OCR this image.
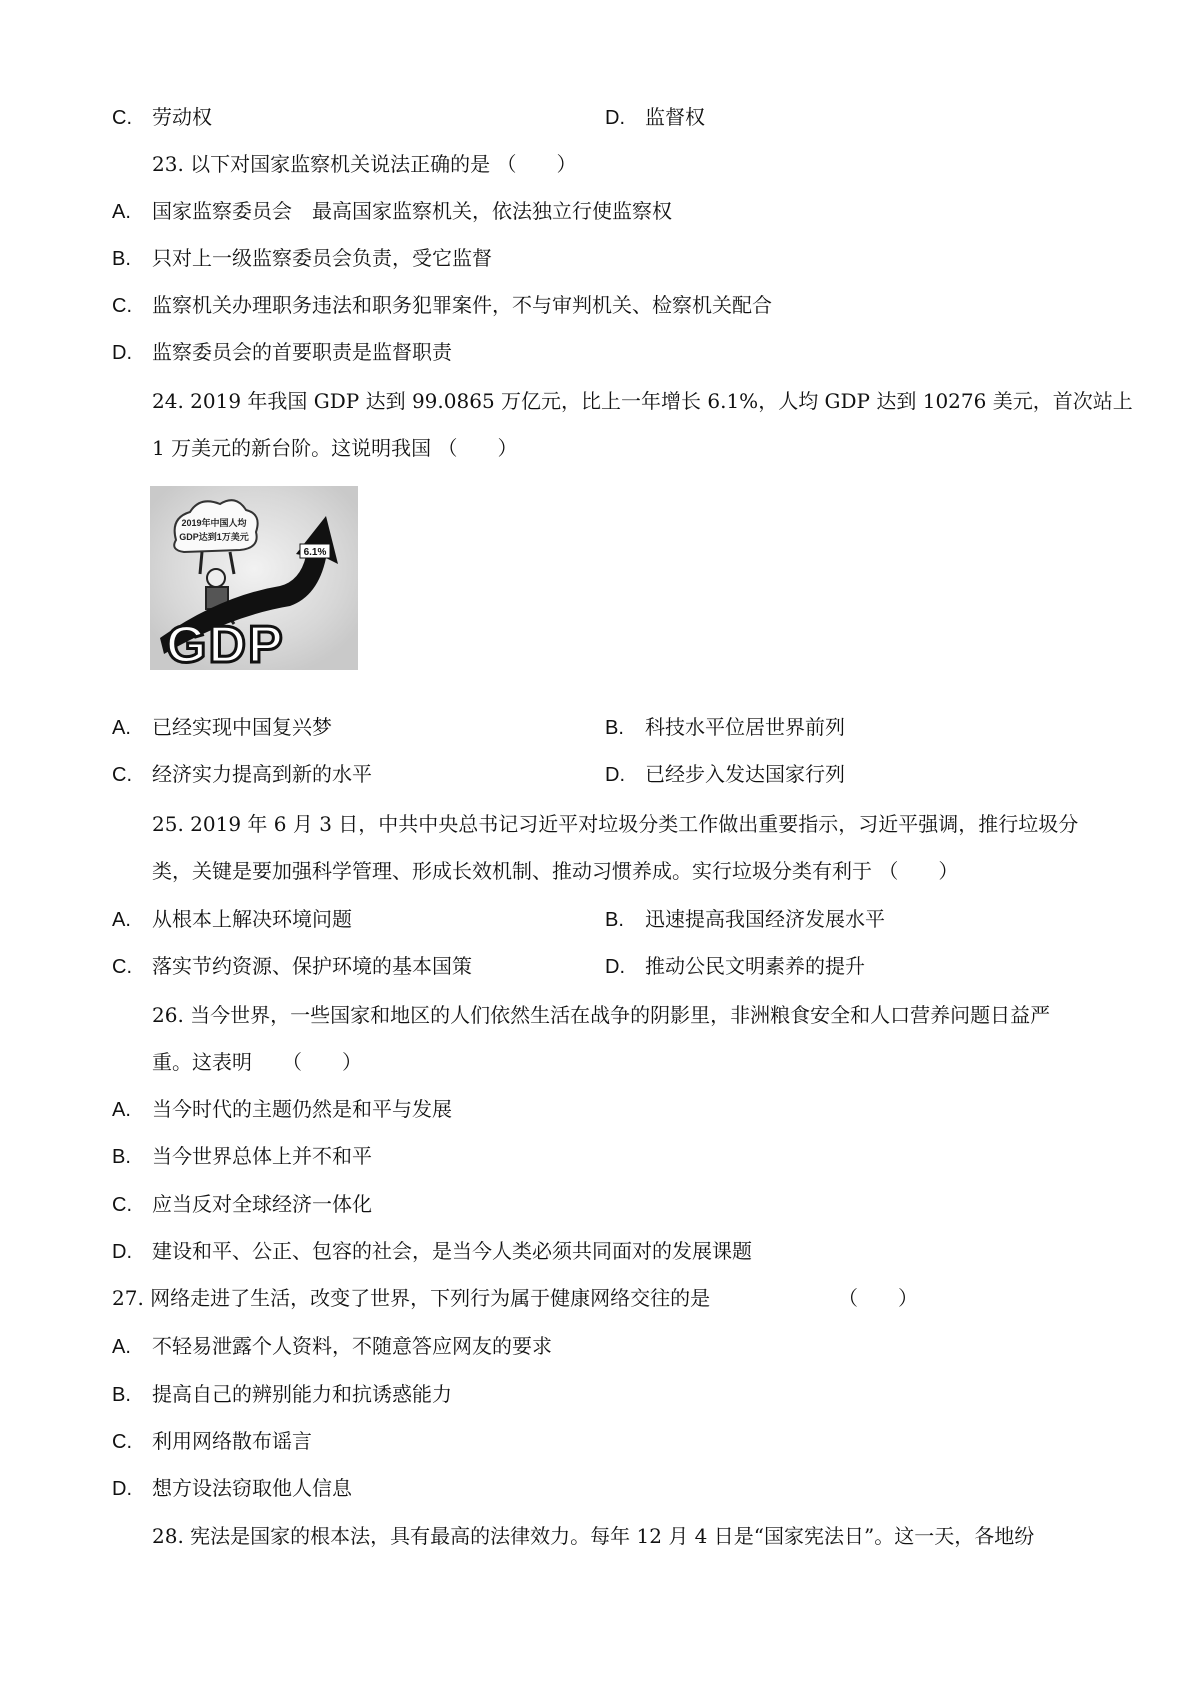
C. 劳动权	D. 监督权
23. 以下对国家监察机关说法正确的是 （　　）
A. 国家监察委员会　最高国家监察机关，依法独立行使监察权
B. 只对上一级监察委员会负责，受它监督
C. 监察机关办理职务违法和职务犯罪案件，不与审判机关、检察机关配合
D. 监察委员会的首要职责是监督职责
24. 2019 年我国 GDP 达到 99.0865 万亿元，比上一年增长 6.1%，人均 GDP 达到 10276 美元，首次站上
1 万美元的新台阶。这说明我国 （　　）
2019年中国人均
GDP达到1万美元
6.1%
GDP
A. 已经实现中国复兴梦	B. 科技水平位居世界前列
C. 经济实力提高到新的水平	D. 已经步入发达国家行列
25. 2019 年 6 月 3 日，中共中央总书记习近平对垃圾分类工作做出重要指示，习近平强调，推行垃圾分
类，关键是要加强科学管理、形成长效机制、推动习惯养成。实行垃圾分类有利于 （　　）
A. 从根本上解决环境问题	B. 迅速提高我国经济发展水平
C. 落实节约资源、保护环境的基本国策	D. 推动公民文明素养的提升
26. 当今世界，一些国家和地区的人们依然生活在战争的阴影里，非洲粮食安全和人口营养问题日益严
重。这表明　　（　　）
A. 当今时代的主题仍然是和平与发展
B. 当今世界总体上并不和平
C. 应当反对全球经济一体化
D. 建设和平、公正、包容的社会，是当今人类必须共同面对的发展课题
27. 网络走进了生活，改变了世界，下列行为属于健康网络交往的是	（　　）
A. 不轻易泄露个人资料，不随意答应网友的要求
B. 提高自己的辨别能力和抗诱惑能力
C. 利用网络散布谣言
D. 想方设法窃取他人信息
28. 宪法是国家的根本法，具有最高的法律效力。每年 12 月 4 日是“国家宪法日”。这一天，各地纷
